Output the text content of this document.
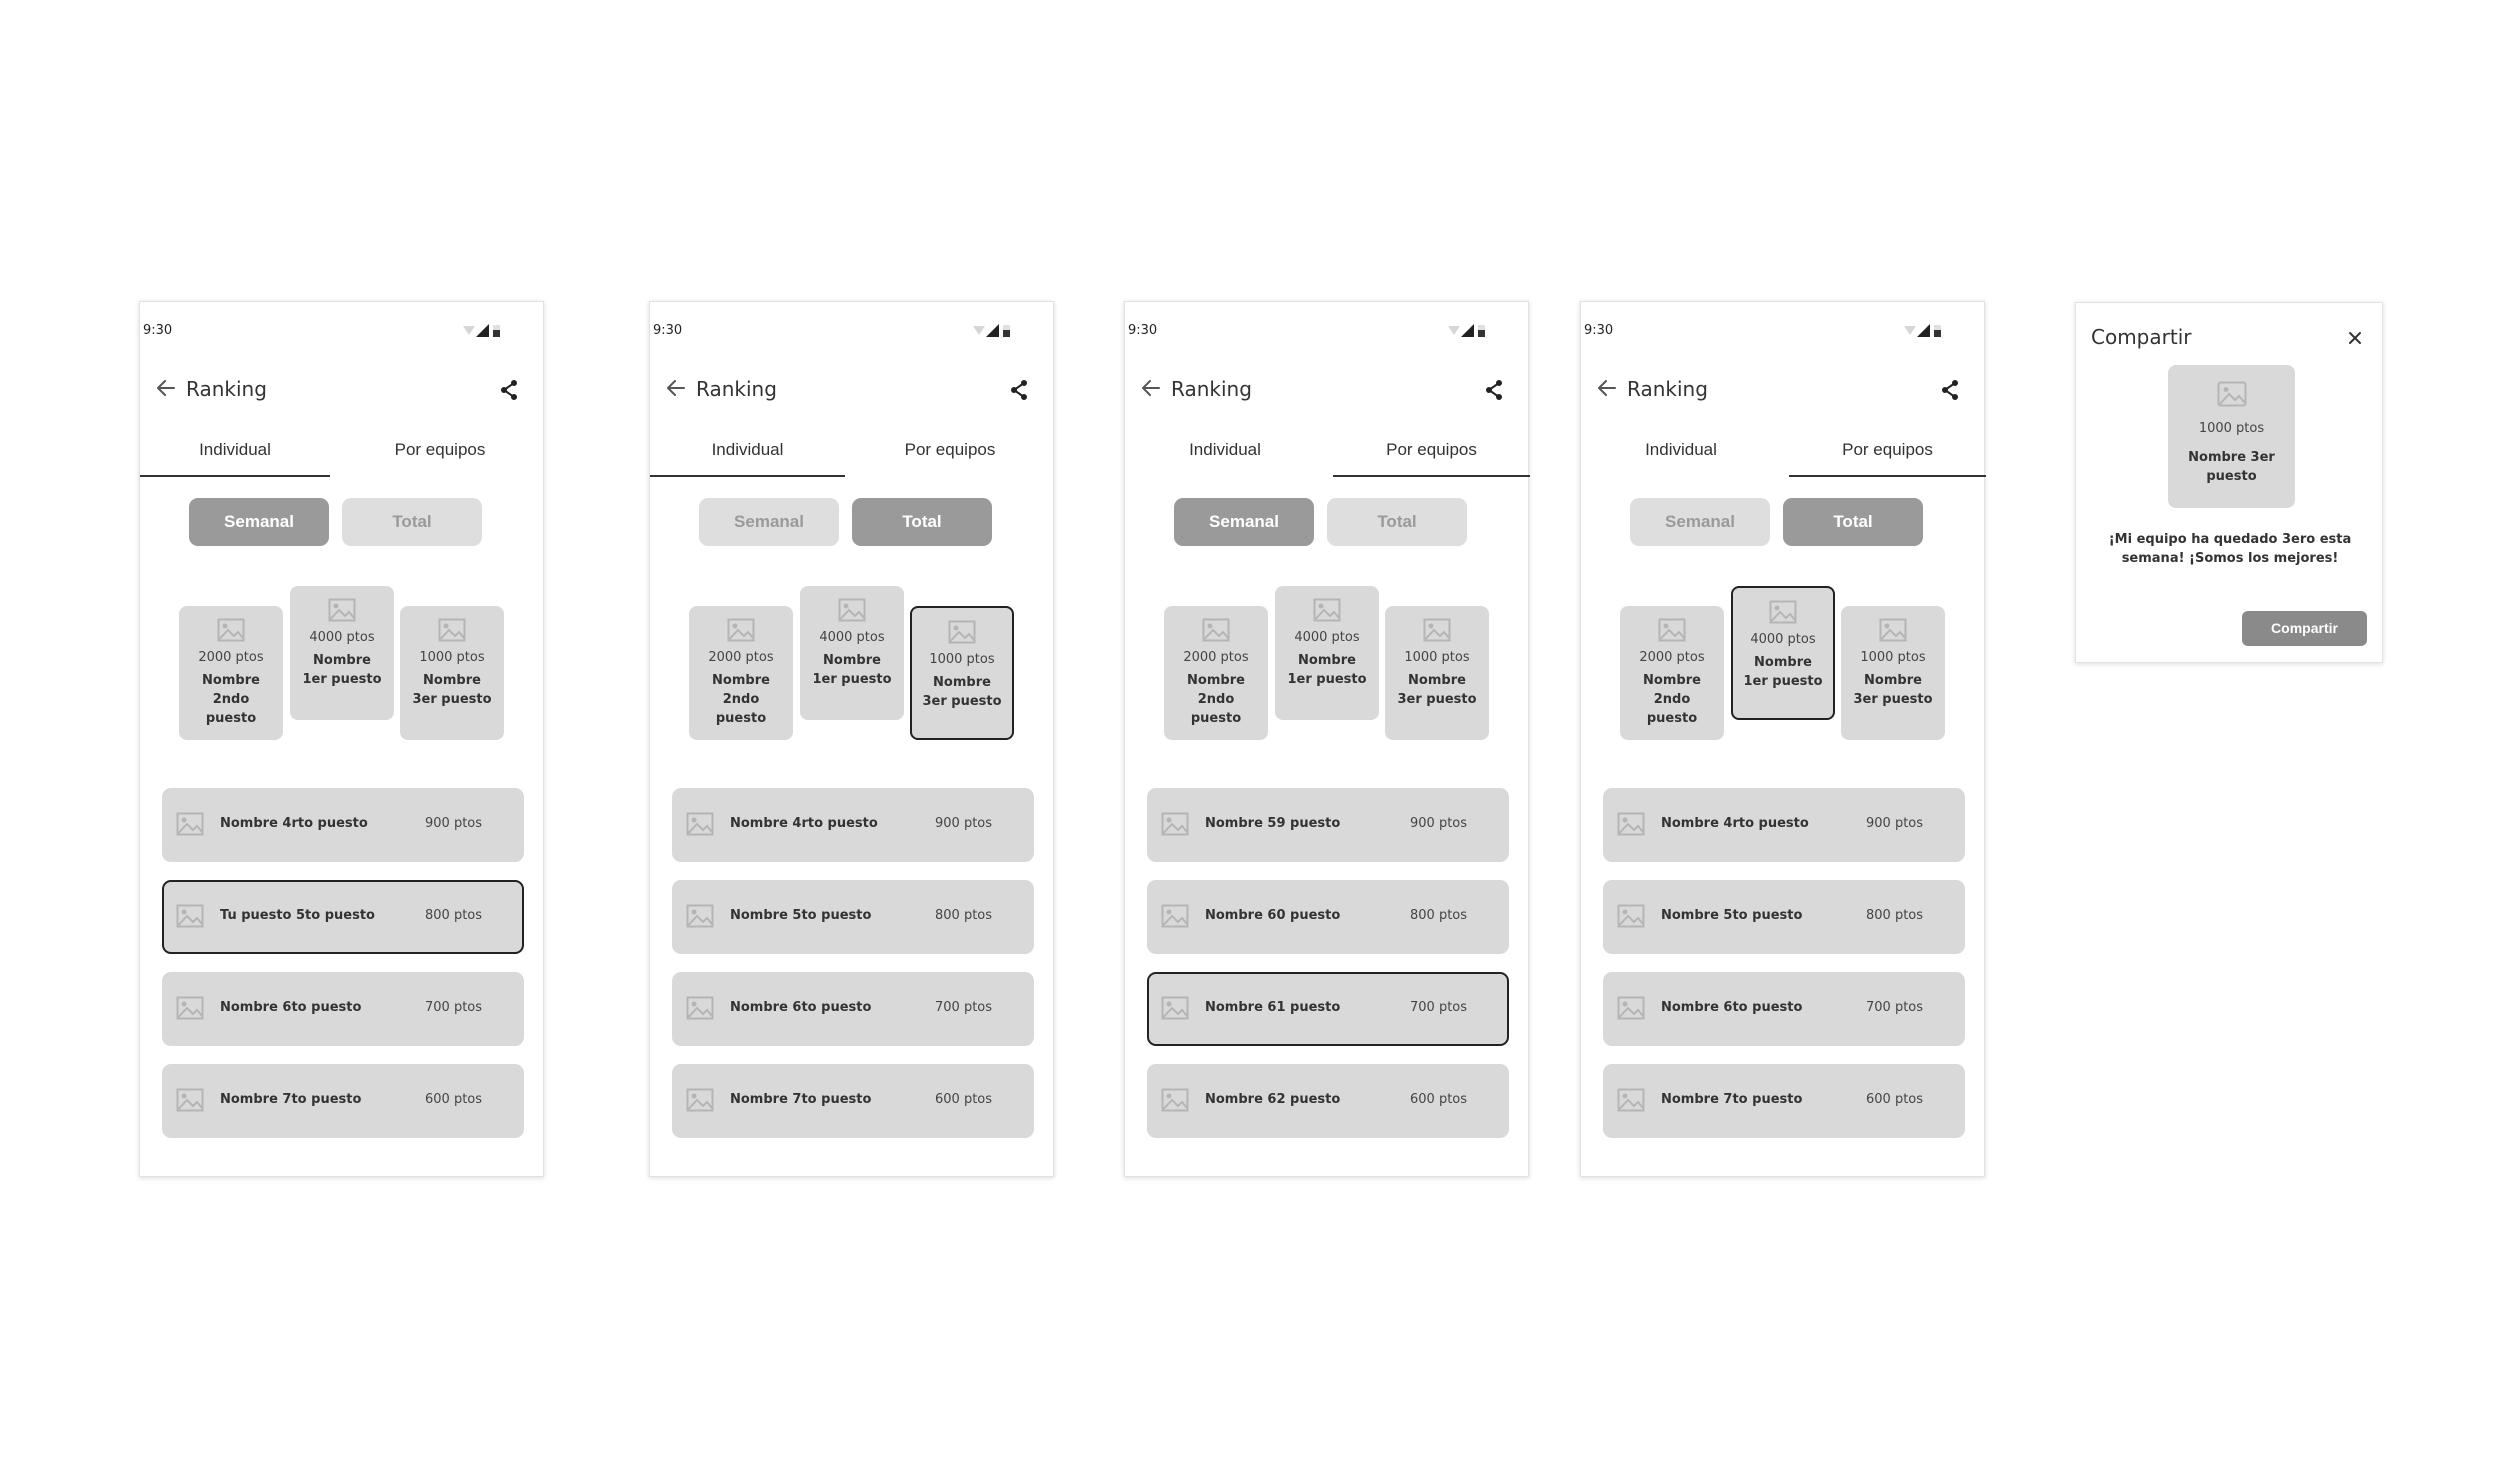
9:30
Ranking
Individual	Por equipos
Semanal	Total
2000 ptos
Nombre 2ndo puesto
4000 ptos
Nombre 1er puesto
1000 ptos
Nombre 3er puesto
Nombre 4rto puesto	900 ptos
Tu puesto 5to puesto	800 ptos
Nombre 6to puesto	700 ptos
Nombre 7to puesto	600 ptos
9:30
Ranking
Individual	Por equipos
Semanal	Total
2000 ptos
Nombre 2ndo puesto
4000 ptos
Nombre 1er puesto
1000 ptos
Nombre 3er puesto
Nombre 4rto puesto	900 ptos
Nombre 5to puesto	800 ptos
Nombre 6to puesto	700 ptos
Nombre 7to puesto	600 ptos
9:30
Ranking
Individual	Por equipos
Semanal	Total
2000 ptos
Nombre 2ndo puesto
4000 ptos
Nombre 1er puesto
1000 ptos
Nombre 3er puesto
Nombre 59 puesto	900 ptos
Nombre 60 puesto	800 ptos
Nombre 61 puesto	700 ptos
Nombre 62 puesto	600 ptos
9:30
Ranking
Individual	Por equipos
Semanal	Total
2000 ptos
Nombre 2ndo puesto
4000 ptos
Nombre 1er puesto
1000 ptos
Nombre 3er puesto
Nombre 4rto puesto	900 ptos
Nombre 5to puesto	800 ptos
Nombre 6to puesto	700 ptos
Nombre 7to puesto	600 ptos
Compartir
1000 ptos
Nombre 3er puesto
¡Mi equipo ha quedado 3ero esta semana! ¡Somos los mejores!
Compartir
